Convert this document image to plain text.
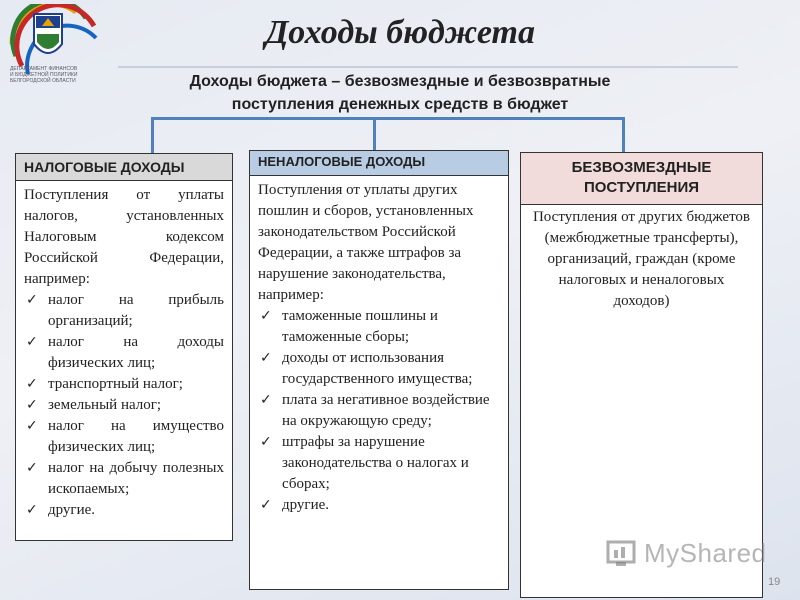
ДЕПАРТАМЕНТ ФИНАНСОВ
И БЮДЖЕТНОЙ ПОЛИТИКИ
БЕЛГОРОДСКОЙ ОБЛАСТИ
Доходы бюджета
Доходы бюджета – безвозмездные и безвозвратные
поступления денежных средств в бюджет
НАЛОГОВЫЕ ДОХОДЫ
Поступления от уплаты налогов, установленных Налоговым кодексом Российской Федерации, например:
✓ налог на прибыль организаций;
✓ налог на доходы физических лиц;
✓ транспортный налог;
✓ земельный налог;
✓ налог на имущество физических лиц;
✓ налог на добычу полезных ископаемых;
✓ другие.
НЕНАЛОГОВЫЕ ДОХОДЫ
Поступления от уплаты других пошлин и сборов, установленных законодательством Российской Федерации, а также штрафов за нарушение законодательства, например:
✓ таможенные пошлины и таможенные сборы;
✓ доходы от использования государственного имущества;
✓ плата за негативное воздействие на окружающую среду;
✓ штрафы за нарушение законодательства о налогах и сборах;
✓ другие.
БЕЗВОЗМЕЗДНЫЕ
ПОСТУПЛЕНИЯ
Поступления от других бюджетов (межбюджетные трансферты), организаций, граждан (кроме налоговых и неналоговых доходов)
MyShared
19
